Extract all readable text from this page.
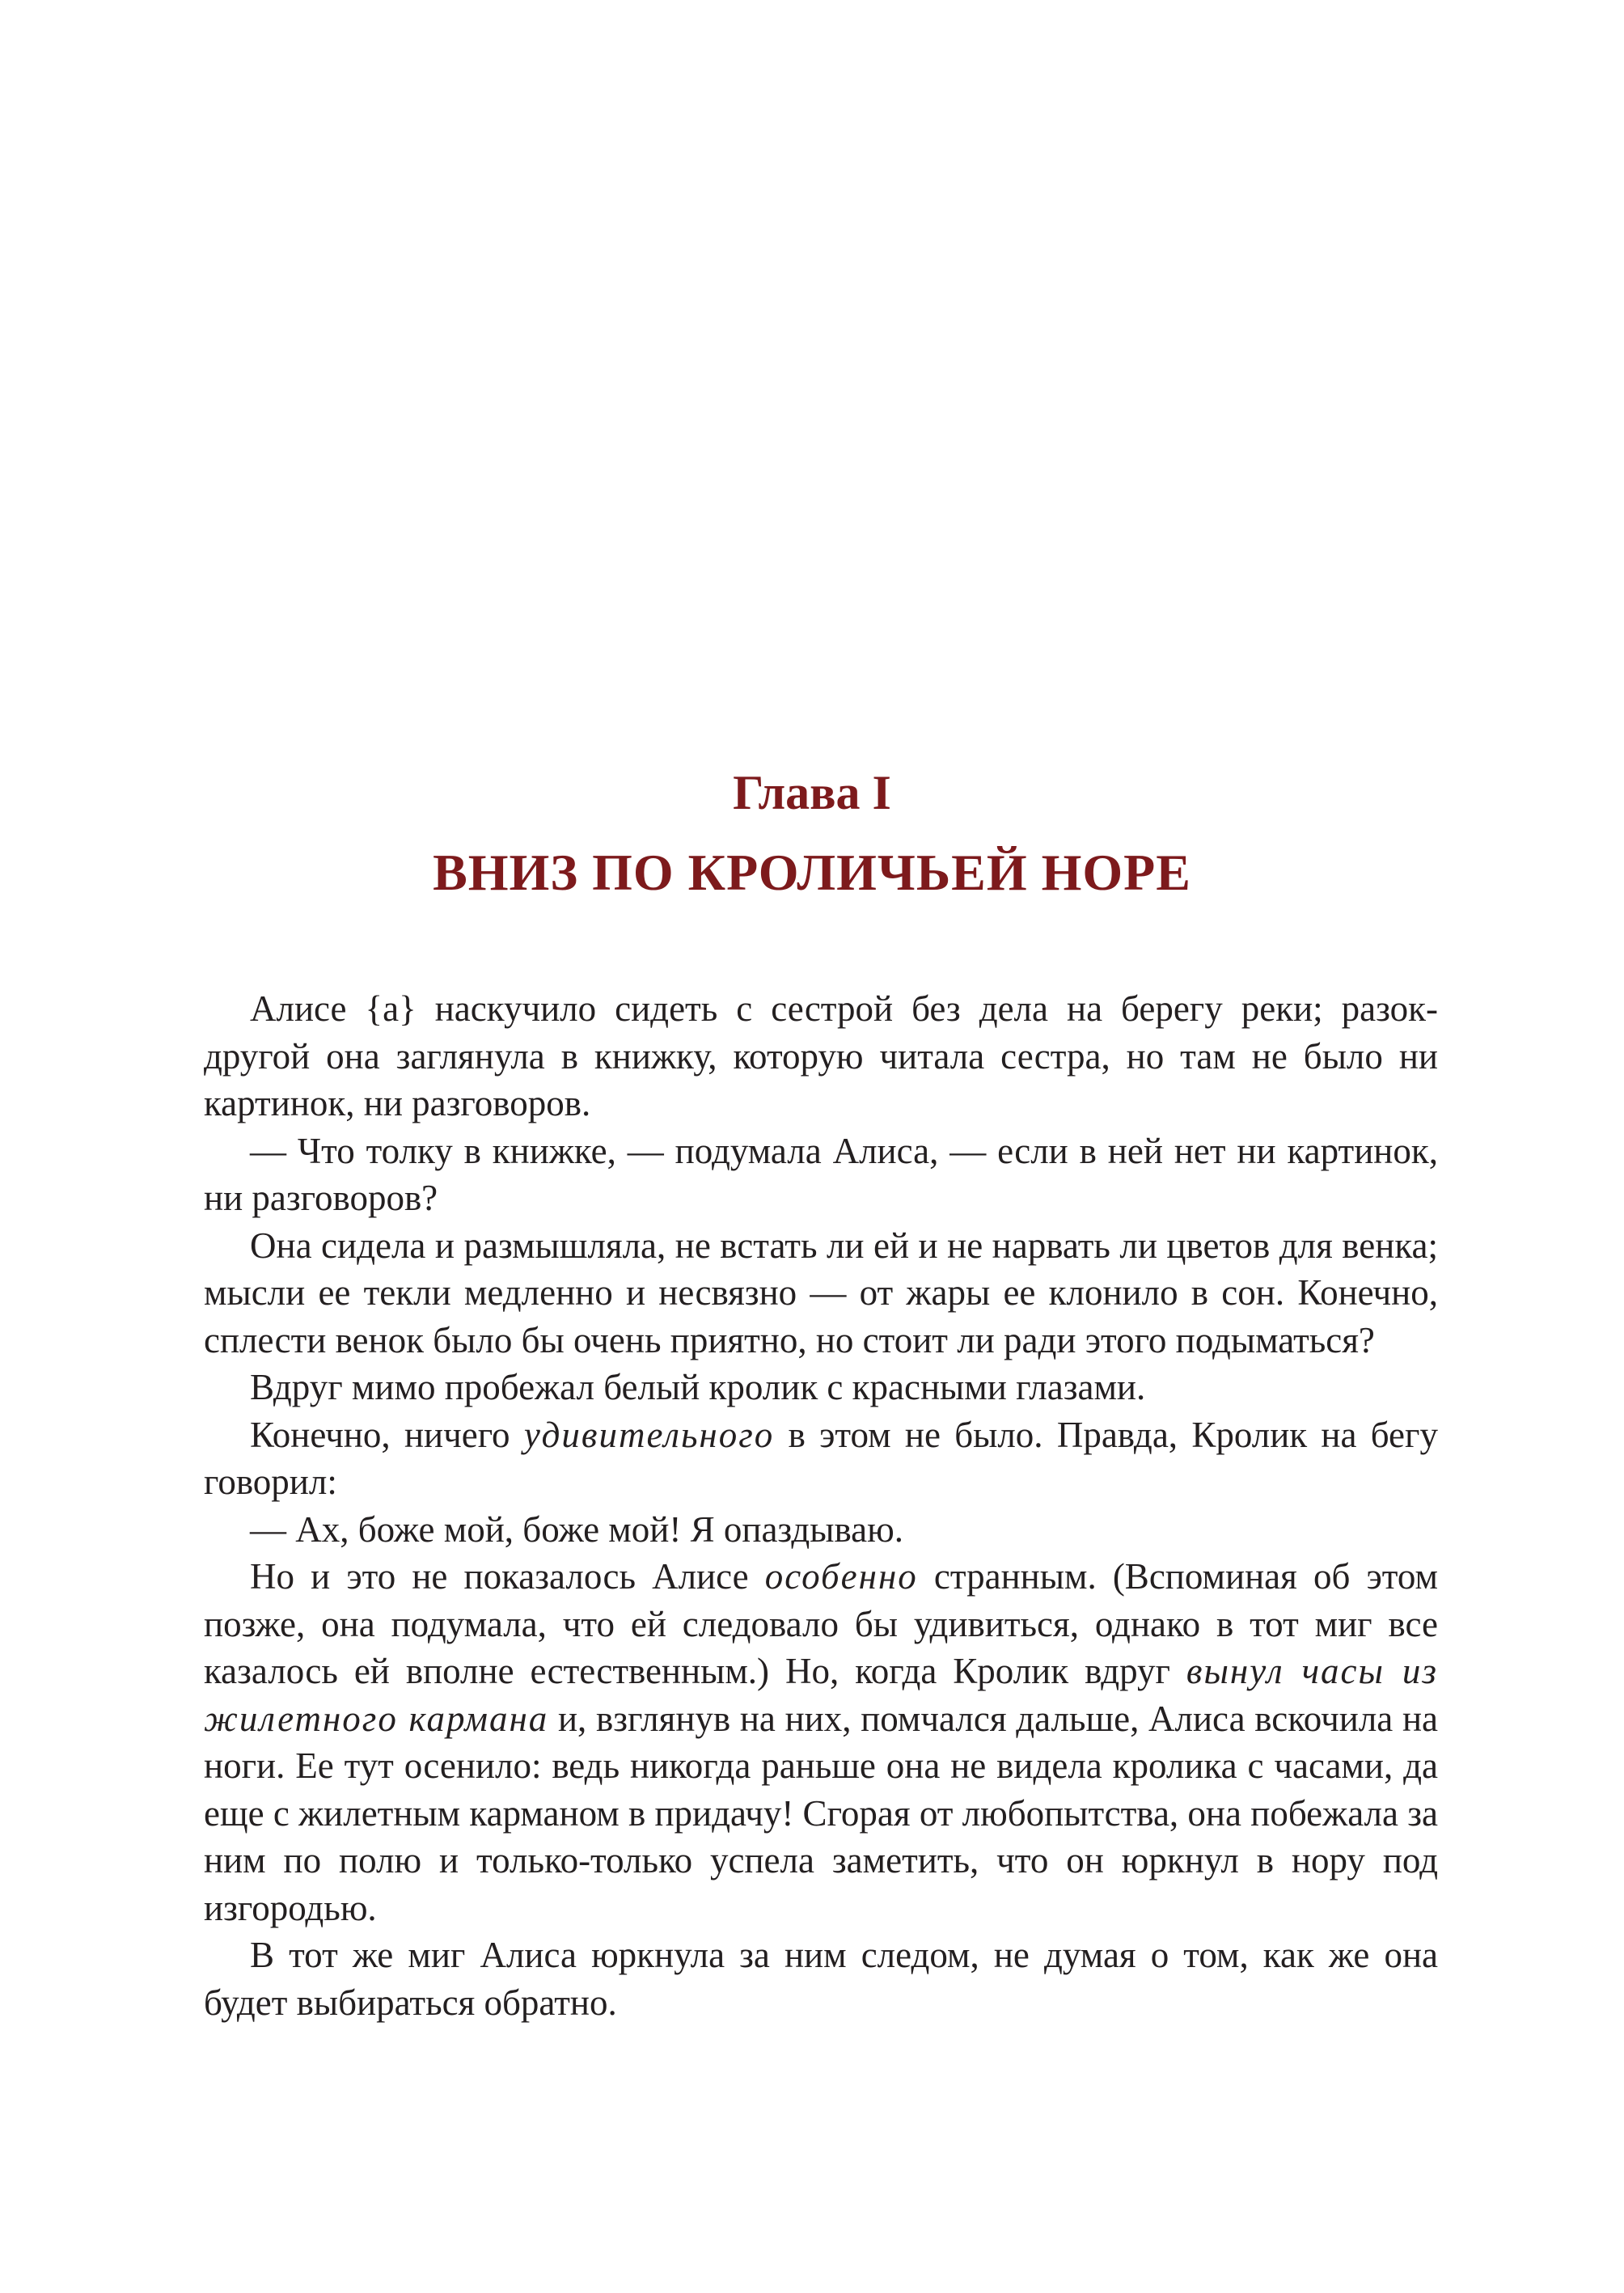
Глава I
ВНИЗ ПО КРОЛИЧЬЕЙ НОРЕ

Алисе {a} наскучило сидеть с сестрой без дела на берегу реки; разок-другой она заглянула в книжку, которую читала сестра, но там не было ни картинок, ни разговоров.

— Что толку в книжке, — подумала Алиса, — если в ней нет ни картинок, ни разговоров?

Она сидела и размышляла, не встать ли ей и не нарвать ли цветов для венка; мысли ее текли медленно и несвязно — от жары ее клонило в сон. Конечно, сплести венок было бы очень приятно, но стоит ли ради этого подыматься?

Вдруг мимо пробежал белый кролик с красными глазами.

Конечно, ничего удивительного в этом не было. Правда, Кролик на бегу говорил:

— Ах, боже мой, боже мой! Я опаздываю.

Но и это не показалось Алисе особенно странным. (Вспоминая об этом позже, она подумала, что ей следовало бы удивиться, однако в тот миг все казалось ей вполне естественным.) Но, когда Кролик вдруг вынул часы из жилетного кармана и, взглянув на них, помчался дальше, Алиса вскочила на ноги. Ее тут осенило: ведь никогда раньше она не видела кролика с часами, да еще с жилетным карманом в придачу! Сгорая от любопытства, она побежала за ним по полю и только-только успела заметить, что он юркнул в нору под изгородью.

В тот же миг Алиса юркнула за ним следом, не думая о том, как же она будет выбираться обратно.
